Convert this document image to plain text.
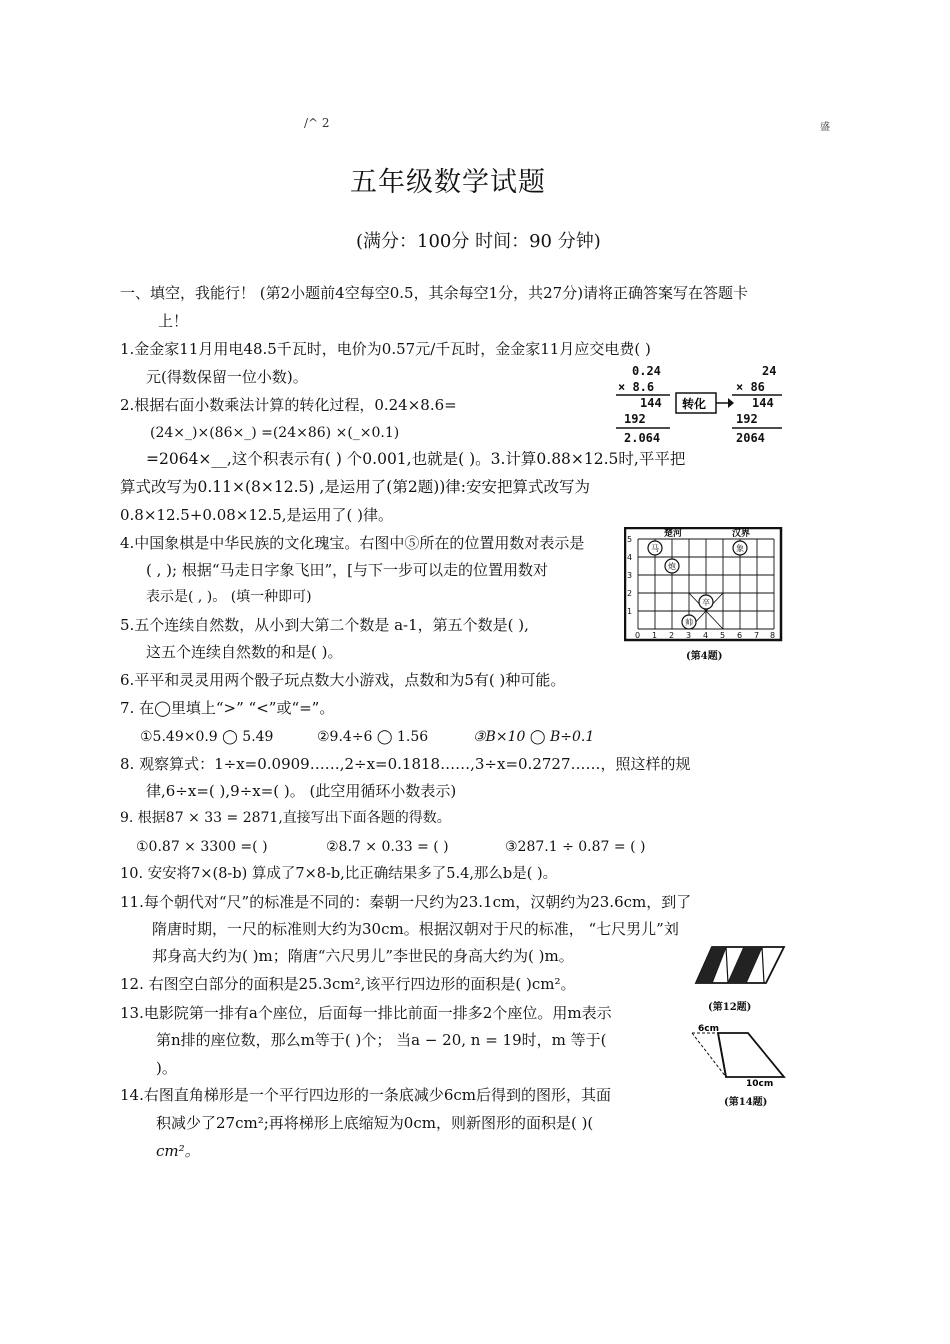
/^ 2	盛
五年级数学试题
(满分：100分 时间：90 分钟)
一、填空，我能行！ (第2小题前4空每空0.5，其余每空1分，共27分)请将正确答案写在答题卡
上！
1.金金家11月用电48.5千瓦时，电价为0.57元/千瓦时，金金家11月应交电费( )
元(得数保留一位小数)。
2.根据右面小数乘法计算的转化过程，0.24×8.6=
(24×_)×(86×_) =(24×86) ×(_×0.1)
=2064×__,这个积表示有( ) 个0.001,也就是( )。3.计算0.88×12.5时,平平把
算式改写为0.11×(8×12.5) ,是运用了(第2题))律:安安把算式改写为
0.8×12.5+0.08×12.5,是运用了( )律。
4.中国象棋是中华民族的文化瑰宝。右图中⑤所在的位置用数对表示是
( , ); 根据“马走日字象飞田”，[与下一步可以走的位置用数对
表示是( , )。 (填一种即可)
5.五个连续自然数，从小到大第二个数是 a-1，第五个数是( ),
这五个连续自然数的和是( )。
6.平平和灵灵用两个骰子玩点数大小游戏，点数和为5有( )种可能。
7. 在◯里填上“>” “<”或“=”。
①5.49×0.9 ◯ 5.49	②9.4÷6 ◯ 1.56	③B×10 ◯ B÷0.1
8. 观察算式：1÷x=0.0909……,2÷x=0.1818……,3÷x=0.2727……，照这样的规
律,6÷x=( ),9÷x=( )。 (此空用循环小数表示)
9. 根据87 × 33 = 2871,直接写出下面各题的得数。
①0.87 × 3300 =( )	②8.7 × 0.33 = ( )	③287.1 ÷ 0.87 = ( )
10. 安安将7×(8-b) 算成了7×8-b,比正确结果多了5.4,那么b是( )。
11.每个朝代对“尺”的标准是不同的：秦朝一尺约为23.1cm，汉朝约为23.6cm，到了
隋唐时期，一尺的标准则大约为30cm。根据汉朝对于尺的标准， “七尺男儿”刘
邦身高大约为( )m；隋唐“六尺男儿”李世民的身高大约为( )m。
12. 右图空白部分的面积是25.3cm²,该平行四边形的面积是( )cm²。
13.电影院第一排有a个座位，后面每一排比前面一排多2个座位。用m表示
第n排的座位数，那么m等于( )个； 当a − 20, n = 19时，m 等于(
)。
14.右图直角梯形是一个平行四边形的一条底减少6cm后得到的图形，其面
积减少了27cm²;再将梯形上底缩短为0cm，则新图形的面积是( )(
cm²。
0.24
× 8.6
144
192
2.064
24
× 86
144
192
2064
转化
5
4
3
2
1
0 1 2 3 4 5 6 7 8
楚河	汉界
马
炮
象
卒
帅
(第4题)
(第12题)
6cm
10cm
(第14题)
